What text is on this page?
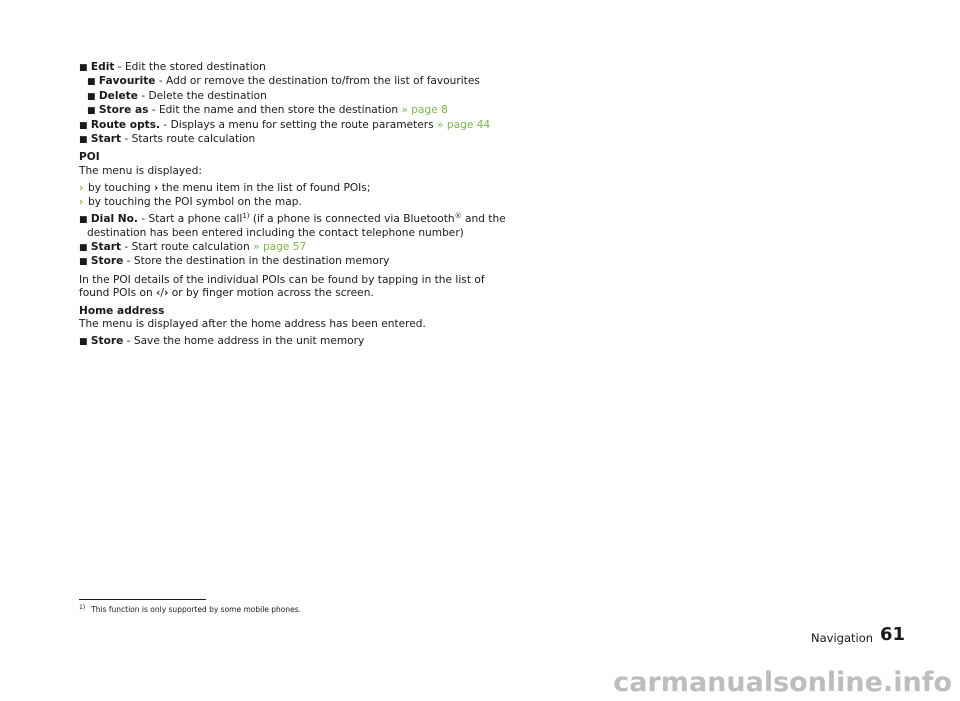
■ Edit - Edit the stored destination
■ Favourite - Add or remove the destination to/from the list of favourites
■ Delete - Delete the destination
■ Store as - Edit the name and then store the destination » page 8
■ Route opts. - Displays a menu for setting the route parameters » page 44
■ Start - Starts route calculation
POI
The menu is displayed:
› by touching › the menu item in the list of found POIs;
› by touching the POI symbol on the map.
■ Dial No. - Start a phone call$^{1)}$ (if a phone is connected via Bluetooth® and the
destination has been entered including the contact telephone number)
■ Start - Start route calculation » page 57
■ Store - Store the destination in the destination memory
In the POI details of the individual POIs can be found by tapping in the list of
found POIs on ‹/› or by finger motion across the screen.
Home address
The menu is displayed after the home address has been entered.
■ Store - Save the home address in the unit memory
$^{1)}$ This function is only supported by some mobile phones.
Navigation 61
carmanualsonline.info
